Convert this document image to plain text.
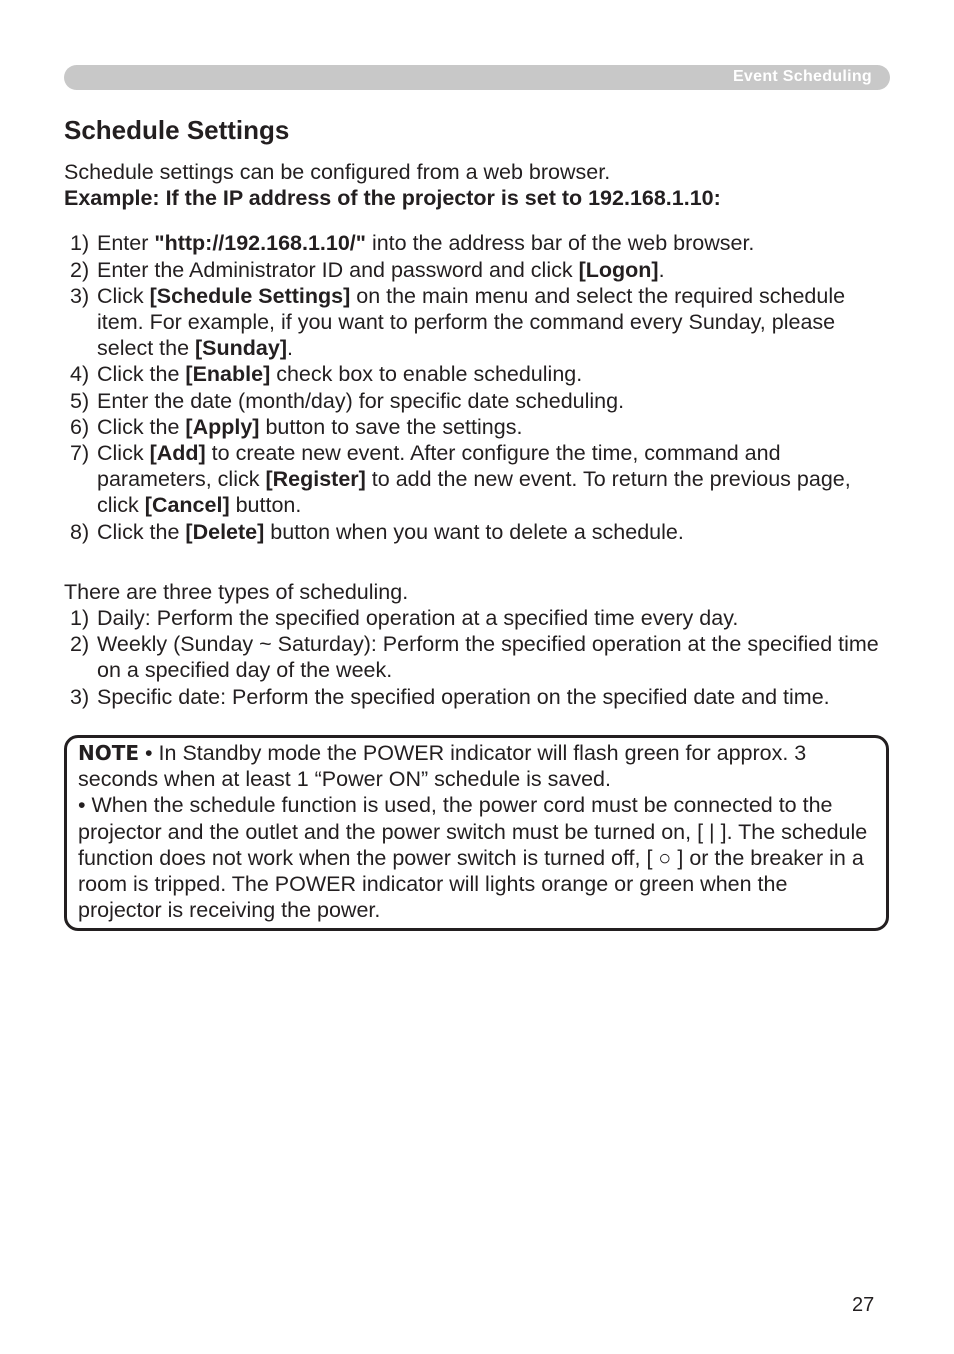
Event Scheduling
Schedule Settings

Schedule settings can be configured from a web browser.

Example: If the IP address of the projector is set to 192.168.1.10:

1) Enter "http://192.168.1.10/" into the address bar of the web browser.
2) Enter the Administrator ID and password and click [Logon].
3) Click [Schedule Settings] on the main menu and select the required schedule item. For example, if you want to perform the command every Sunday, please select the [Sunday].
4) Click the [Enable] check box to enable scheduling.
5) Enter the date (month/day) for specific date scheduling.
6) Click the [Apply] button to save the settings.
7) Click [Add] to create new event. After configure the time, command and parameters, click [Register] to add the new event. To return the previous page, click [Cancel] button.
8) Click the [Delete] button when you want to delete a schedule.

There are three types of scheduling.

1) Daily: Perform the specified operation at a specified time every day.
2) Weekly (Sunday ~ Saturday): Perform the specified operation at the specified time on a specified day of the week.
3) Specific date: Perform the specified operation on the specified date and time.

NOTE • In Standby mode the POWER indicator will flash green for approx. 3 seconds when at least 1 “Power ON” schedule is saved.

• When the schedule function is used, the power cord must be connected to the projector and the outlet and the power switch must be turned on, [ | ]. The schedule function does not work when the power switch is turned off, [ ○ ] or the breaker in a room is tripped. The POWER indicator will lights orange or green when the projector is receiving the power.

27
